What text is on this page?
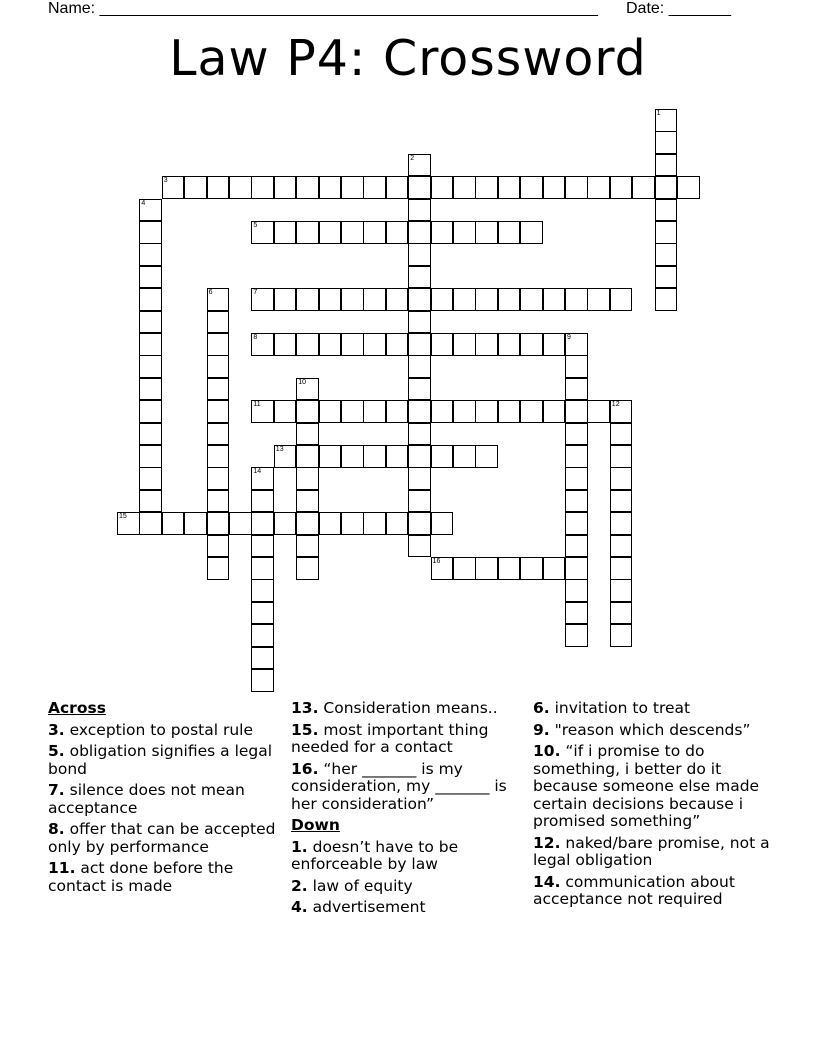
Name: ________________________________________________________ Date: _______
Law P4: Crossword
1
2
3
4
5
6	7
8	9
10
11	12
13
14
15
16
Across
3. exception to postal rule
5. obligation signifies a legal bond
7. silence does not mean acceptance
8. offer that can be accepted only by performance
11. act done before the contact is made
13. Consideration means..
15. most important thing needed for a contact
16. “her _______ is my consideration, my _______ is her consideration”
Down
1. doesn’t have to be enforceable by law
2. law of equity
4. advertisement
6. invitation to treat
9. "reason which descends”
10. “if i promise to do something, i better do it because someone else made certain decisions because i promised something”
12. naked/bare promise, not a legal obligation
14. communication about acceptance not required
